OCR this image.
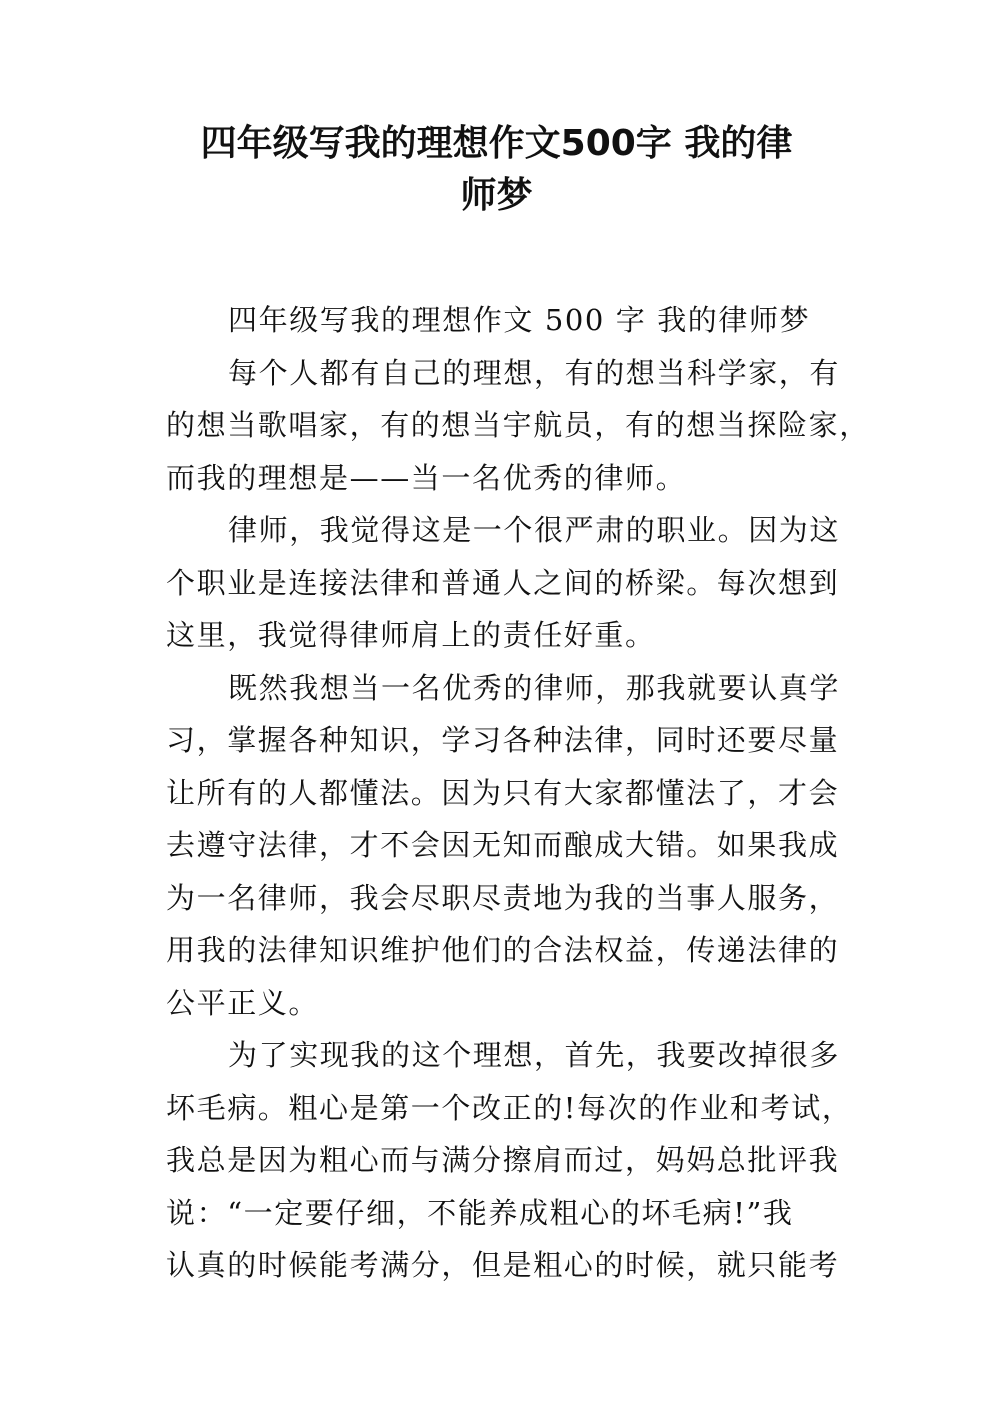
四年级写我的理想作文500字 我的律
师梦
四年级写我的理想作文 500 字 我的律师梦
每个人都有自己的理想，有的想当科学家，有
的想当歌唱家，有的想当宇航员，有的想当探险家，
而我的理想是——当一名优秀的律师。
律师，我觉得这是一个很严肃的职业。因为这
个职业是连接法律和普通人之间的桥梁。每次想到
这里，我觉得律师肩上的责任好重。
既然我想当一名优秀的律师，那我就要认真学
习，掌握各种知识，学习各种法律，同时还要尽量
让所有的人都懂法。因为只有大家都懂法了，才会
去遵守法律，才不会因无知而酿成大错。如果我成
为一名律师，我会尽职尽责地为我的当事人服务，
用我的法律知识维护他们的合法权益，传递法律的
公平正义。
为了实现我的这个理想，首先，我要改掉很多
坏毛病。粗心是第一个改正的!每次的作业和考试，
我总是因为粗心而与满分擦肩而过，妈妈总批评我
说：“一定要仔细，不能养成粗心的坏毛病!”我
认真的时候能考满分，但是粗心的时候，就只能考
